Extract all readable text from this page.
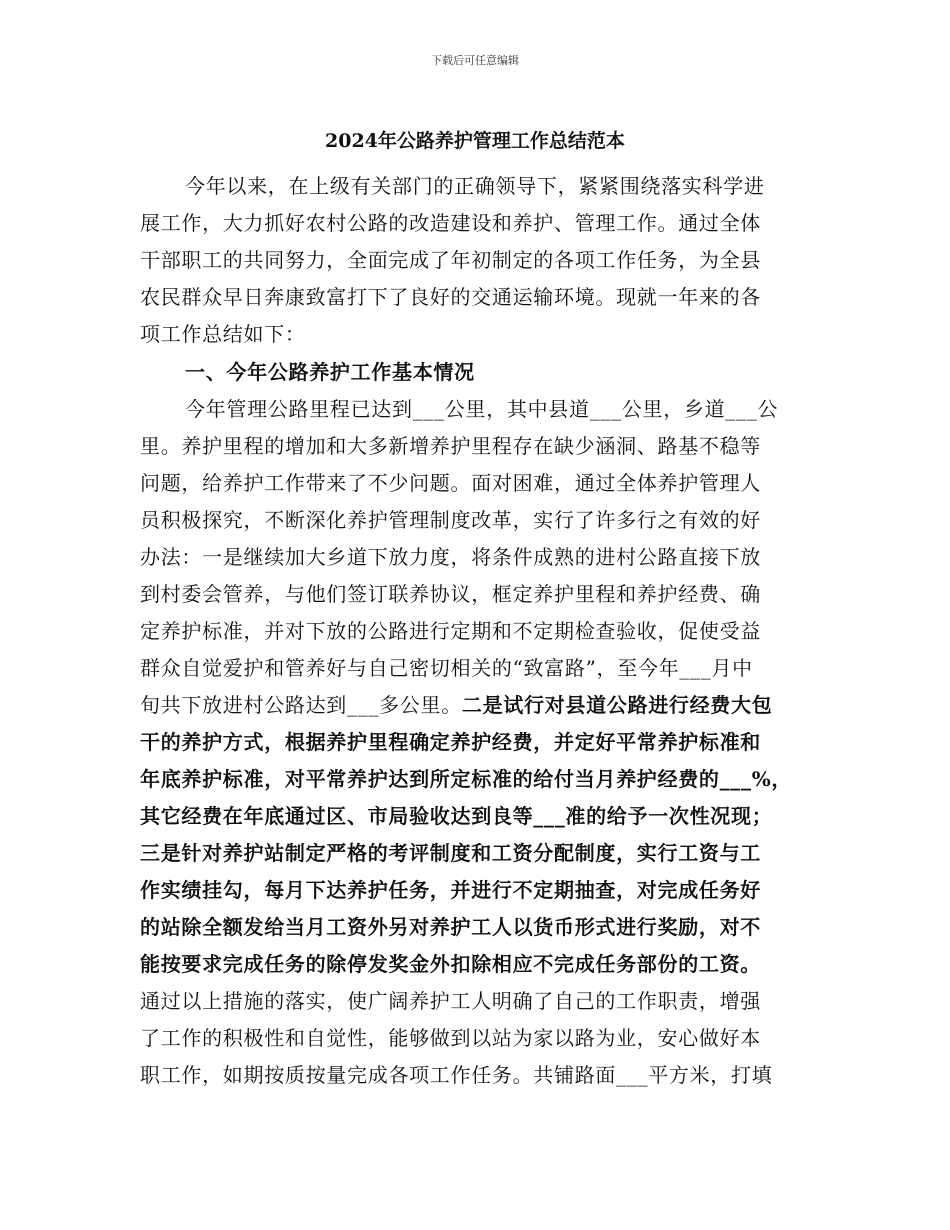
下载后可任意编辑
2024年公路养护管理工作总结范本
今年以来，在上级有关部门的正确领导下，紧紧围绕落实科学进
展工作，大力抓好农村公路的改造建设和养护、管理工作。通过全体
干部职工的共同努力，全面完成了年初制定的各项工作任务，为全县
农民群众早日奔康致富打下了良好的交通运输环境。现就一年来的各
项工作总结如下：
一、今年公路养护工作基本情况
今年管理公路里程已达到___公里，其中县道___公里，乡道___公
里。养护里程的增加和大多新增养护里程存在缺少涵洞、路基不稳等
问题，给养护工作带来了不少问题。面对困难，通过全体养护管理人
员积极探究，不断深化养护管理制度改革，实行了许多行之有效的好
办法：一是继续加大乡道下放力度，将条件成熟的进村公路直接下放
到村委会管养，与他们签订联养协议，框定养护里程和养护经费、确
定养护标准，并对下放的公路进行定期和不定期检查验收，促使受益
群众自觉爱护和管养好与自己密切相关的“致富路”，至今年___月中
旬共下放进村公路达到___多公里。二是试行对县道公路进行经费大包
干的养护方式，根据养护里程确定养护经费，并定好平常养护标准和
年底养护标准，对平常养护达到所定标准的给付当月养护经费的___%，
其它经费在年底通过区、市局验收达到良等___准的给予一次性况现；
三是针对养护站制定严格的考评制度和工资分配制度，实行工资与工
作实绩挂勾，每月下达养护任务，并进行不定期抽查，对完成任务好
的站除全额发给当月工资外另对养护工人以货币形式进行奖励，对不
能按要求完成任务的除停发奖金外扣除相应不完成任务部份的工资。
通过以上措施的落实，使广阔养护工人明确了自己的工作职责，增强
了工作的积极性和自觉性，能够做到以站为家以路为业，安心做好本
职工作，如期按质按量完成各项工作任务。共铺路面___平方米，打填
